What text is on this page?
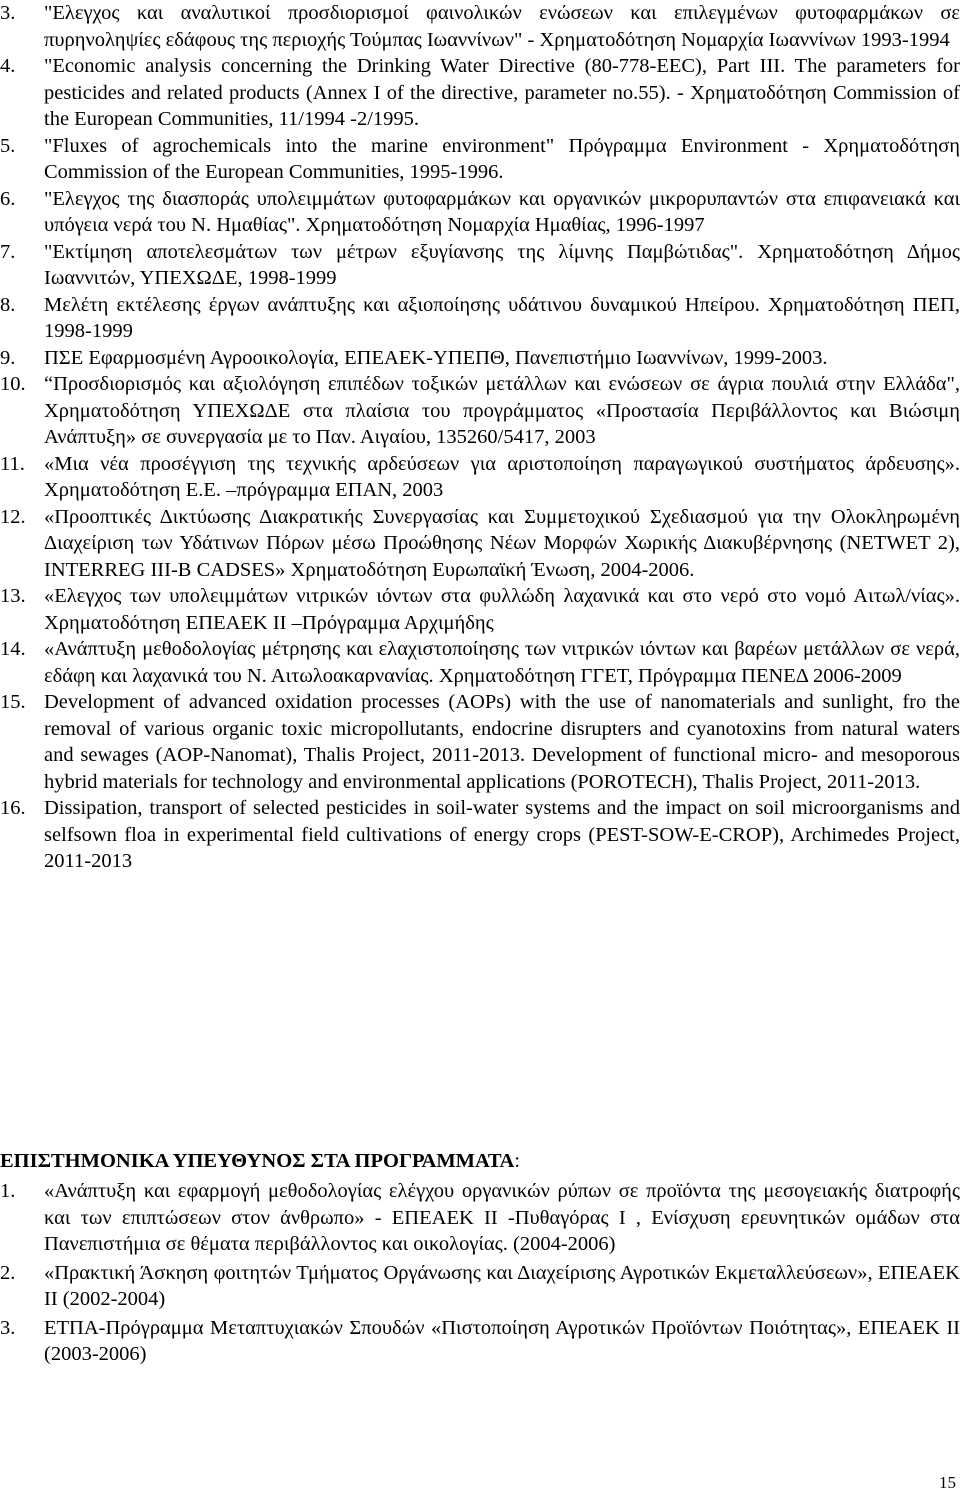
3.	"Ελεγχος και αναλυτικοί προσδιορισμοί φαινολικών ενώσεων και επιλεγμένων φυτοφαρμάκων σε πυρηνοληψίες εδάφους της περιοχής Τούμπας Ιωαννίνων" - Χρηματοδότηση Νομαρχία Ιωαννίνων 1993-1994
4.	"Economic analysis concerning the Drinking Water Directive (80-778-EEC), Part III. The parameters for pesticides and related products (Annex I of the directive, parameter no.55). - Χρηματοδότηση Commission of the European Communities, 11/1994 -2/1995.
5.	"Fluxes of agrochemicals into the marine environment" Πρόγραμμα Environment - Χρηματοδότηση Commission of the European Communities, 1995-1996.
6.	"Ελεγχος της διασποράς υπολειμμάτων φυτοφαρμάκων και οργανικών μικρορυπαντών στα επιφανειακά και υπόγεια νερά του Ν. Ημαθίας". Χρηματοδότηση Νομαρχία Ημαθίας, 1996-1997
7.	"Εκτίμηση αποτελεσμάτων των μέτρων εξυγίανσης της λίμνης Παμβώτιδας". Χρηματοδότηση Δήμος Ιωαννιτών, ΥΠΕΧΩΔΕ, 1998-1999
8.	Μελέτη εκτέλεσης έργων ανάπτυξης και αξιοποίησης υδάτινου δυναμικού Ηπείρου. Χρηματοδότηση ΠΕΠ, 1998-1999
9.	ΠΣΕ Εφαρμοσμένη Αγροοικολογία, ΕΠΕΑΕΚ-ΥΠΕΠΘ, Πανεπιστήμιο Ιωαννίνων, 1999-2003.
10. “Προσδιορισμός και αξιολόγηση επιπέδων τοξικών μετάλλων και ενώσεων σε άγρια πουλιά στην Ελλάδα", Χρηματοδότηση ΥΠΕΧΩΔΕ στα πλαίσια του προγράμματος «Προστασία Περιβάλλοντος και Βιώσιμη Ανάπτυξη» σε συνεργασία με το Παν. Αιγαίου, 135260/5417, 2003
11. «Μια νέα προσέγγιση της τεχνικής αρδεύσεων για αριστοποίηση παραγωγικού συστήματος άρδευσης». Χρηματοδότηση Ε.Ε. –πρόγραμμα ΕΠΑΝ, 2003
12. «Προοπτικές Δικτύωσης Διακρατικής Συνεργασίας και Συμμετοχικού Σχεδιασμού για την Ολοκληρωμένη Διαχείριση των Υδάτινων Πόρων μέσω Προώθησης Νέων Μορφών Χωρικής Διακυβέρνησης (NETWET 2), INTERREG III-B CADSES» Χρηματοδότηση Ευρωπαϊκή Ένωση, 2004-2006.
13. «Ελεγχος των υπολειμμάτων νιτρικών ιόντων στα φυλλώδη λαχανικά και στο νερό στο νομό Αιτωλ/νίας». Χρηματοδότηση ΕΠΕΑΕΚ ΙΙ –Πρόγραμμα Αρχιμήδης
14. «Ανάπτυξη μεθοδολογίας μέτρησης και ελαχιστοποίησης των νιτρικών ιόντων και βαρέων μετάλλων σε νερά, εδάφη και λαχανικά του Ν. Αιτωλοακαρνανίας. Χρηματοδότηση ΓΓΕΤ, Πρόγραμμα ΠΕΝΕΔ 2006-2009
15. Development of advanced oxidation processes (AOPs) with the use of nanomaterials and sunlight, fro the removal of various organic toxic micropollutants, endocrine disrupters and cyanotoxins from natural waters and sewages (AOP-Nanomat), Thalis Project, 2011-2013. Development of functional micro- and mesoporous hybrid materials for technology and environmental applications (POROTECH), Thalis Project, 2011-2013.
16. Dissipation, transport of selected pesticides in soil-water systems and the impact on soil microorganisms and selfsown floa in experimental field cultivations of energy crops (PEST-SOW-E-CROP), Archimedes Project, 2011-2013
ΕΠΙΣΤΗΜΟΝΙΚΑ ΥΠΕΥΘΥΝΟΣ ΣΤΑ ΠΡΟΓΡΑΜΜΑΤΑ:
1.	«Ανάπτυξη και εφαρμογή μεθοδολογίας ελέγχου οργανικών ρύπων σε προϊόντα της μεσογειακής διατροφής και των επιπτώσεων στον άνθρωπο» - ΕΠΕΑΕΚ ΙΙ -Πυθαγόρας Ι , Ενίσχυση ερευνητικών ομάδων στα Πανεπιστήμια σε θέματα περιβάλλοντος και οικολογίας. (2004-2006)
2.	«Πρακτική Άσκηση φοιτητών Τμήματος Οργάνωσης και Διαχείρισης Αγροτικών Εκμεταλλεύσεων», ΕΠΕΑΕΚ ΙΙ (2002-2004)
3.	ΕΤΠΑ-Πρόγραμμα Μεταπτυχιακών Σπουδών «Πιστοποίηση Αγροτικών Προϊόντων Ποιότητας», ΕΠΕΑΕΚ ΙΙ (2003-2006)
15
